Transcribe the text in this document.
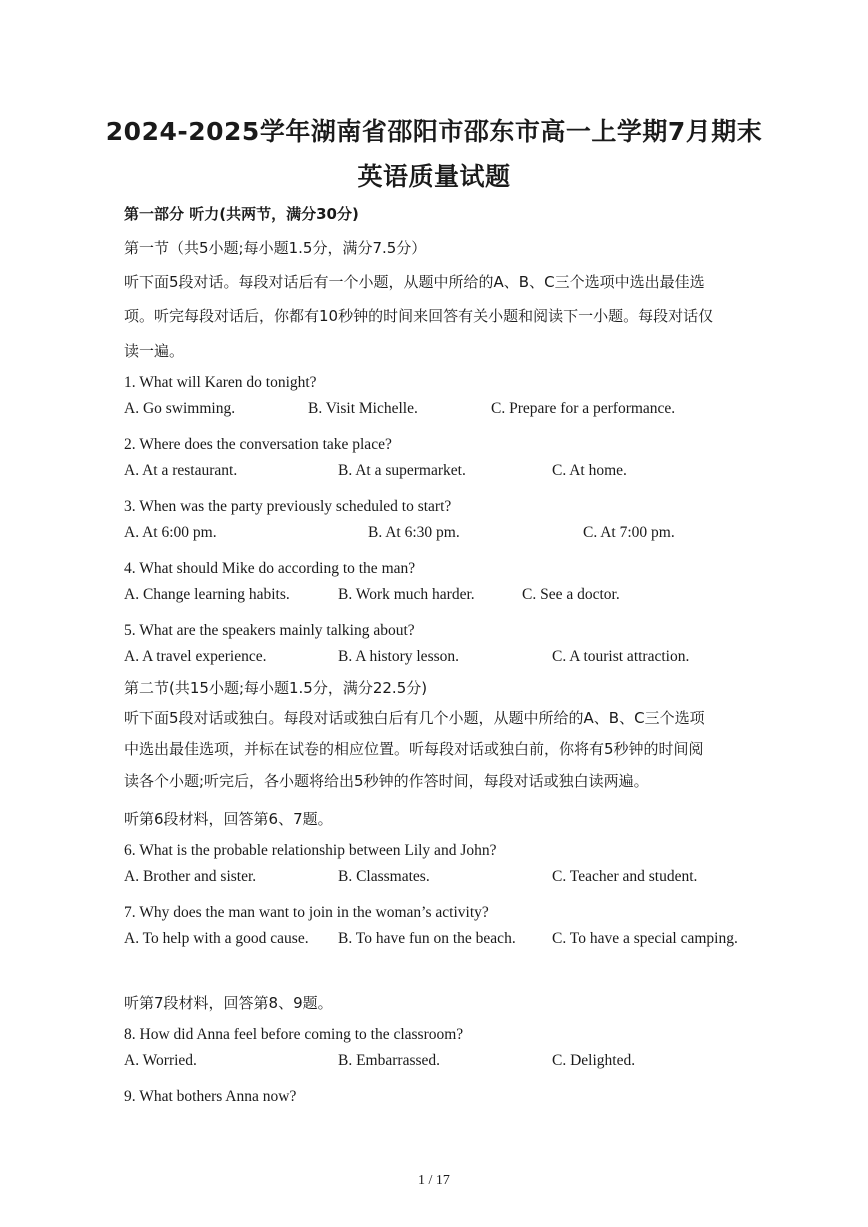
2024-2025学年湖南省邵阳市邵东市高一上学期7月期末
英语质量试题
第一部分 听力(共两节，满分30分)
第一节（共5小题;每小题1.5分，满分7.5分）
听下面5段对话。每段对话后有一个小题，从题中所给的A、B、C三个选项中选出最佳选
项。听完每段对话后，你都有10秒钟的时间来回答有关小题和阅读下一小题。每段对话仅
读一遍。
1. What will Karen do tonight?
A. Go swimming.	B. Visit Michelle.	C. Prepare for a performance.
2. Where does the conversation take place?
A. At a restaurant.	B. At a supermarket.	C. At home.
3. When was the party previously scheduled to start?
A. At 6:00 pm.	B. At 6:30 pm.	C. At 7:00 pm.
4. What should Mike do according to the man?
A. Change learning habits.	B. Work much harder.	C. See a doctor.
5. What are the speakers mainly talking about?
A. A travel experience.	B. A history lesson.	C. A tourist attraction.
第二节(共15小题;每小题1.5分，满分22.5分)
听下面5段对话或独白。每段对话或独白后有几个小题，从题中所给的A、B、C三个选项
中选出最佳选项，并标在试卷的相应位置。听每段对话或独白前，你将有5秒钟的时间阅
读各个小题;听完后，各小题将给出5秒钟的作答时间，每段对话或独白读两遍。
听第6段材料，回答第6、7题。
6. What is the probable relationship between Lily and John?
A. Brother and sister.	B. Classmates.	C. Teacher and student.
7. Why does the man want to join in the woman’s activity?
A. To help with a good cause. B. To have fun on the beach. C. To have a special camping.
听第7段材料，回答第8、9题。
8. How did Anna feel before coming to the classroom?
A. Worried.	B. Embarrassed.	C. Delighted.
9. What bothers Anna now?
1 / 17
